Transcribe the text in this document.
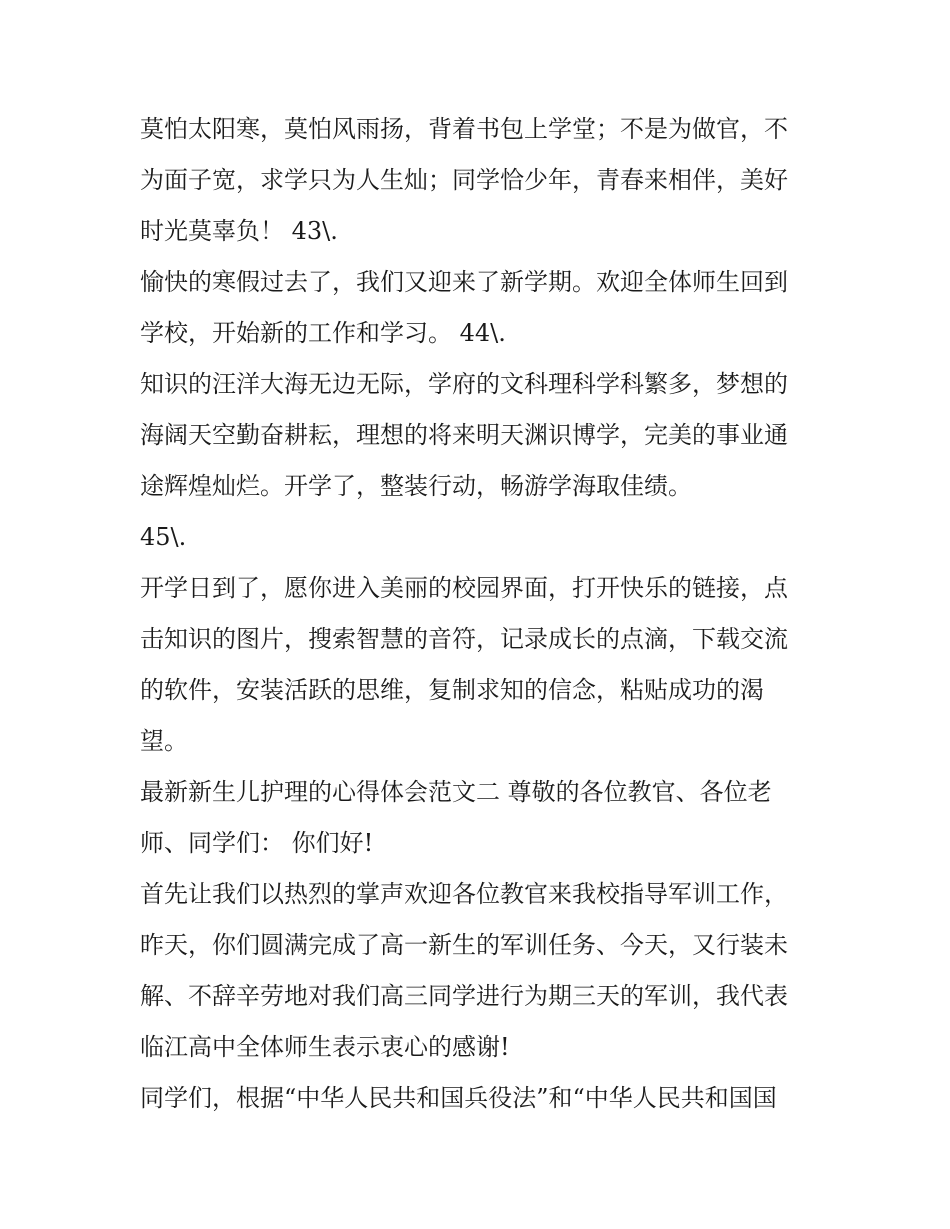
莫怕太阳寒，莫怕风雨扬，背着书包上学堂；不是为做官，不
为面子宽，求学只为人生灿；同学恰少年，青春来相伴，美好
时光莫辜负！ 43\.
愉快的寒假过去了，我们又迎来了新学期。欢迎全体师生回到
学校，开始新的工作和学习。 44\.
知识的汪洋大海无边无际，学府的文科理科学科繁多，梦想的
海阔天空勤奋耕耘，理想的将来明天渊识博学，完美的事业通
途辉煌灿烂。开学了，整装行动，畅游学海取佳绩。
45\.
开学日到了，愿你进入美丽的校园界面，打开快乐的链接，点
击知识的图片，搜索智慧的音符，记录成长的点滴，下载交流
的软件，安装活跃的思维，复制求知的信念，粘贴成功的渴
望。
最新新生儿护理的心得体会范文二 尊敬的各位教官、各位老
师、同学们： 你们好!
首先让我们以热烈的掌声欢迎各位教官来我校指导军训工作，
昨天，你们圆满完成了高一新生的军训任务、今天，又行装未
解、不辞辛劳地对我们高三同学进行为期三天的军训，我代表
临江高中全体师生表示衷心的感谢!
同学们，根据“中华人民共和国兵役法”和“中华人民共和国国
